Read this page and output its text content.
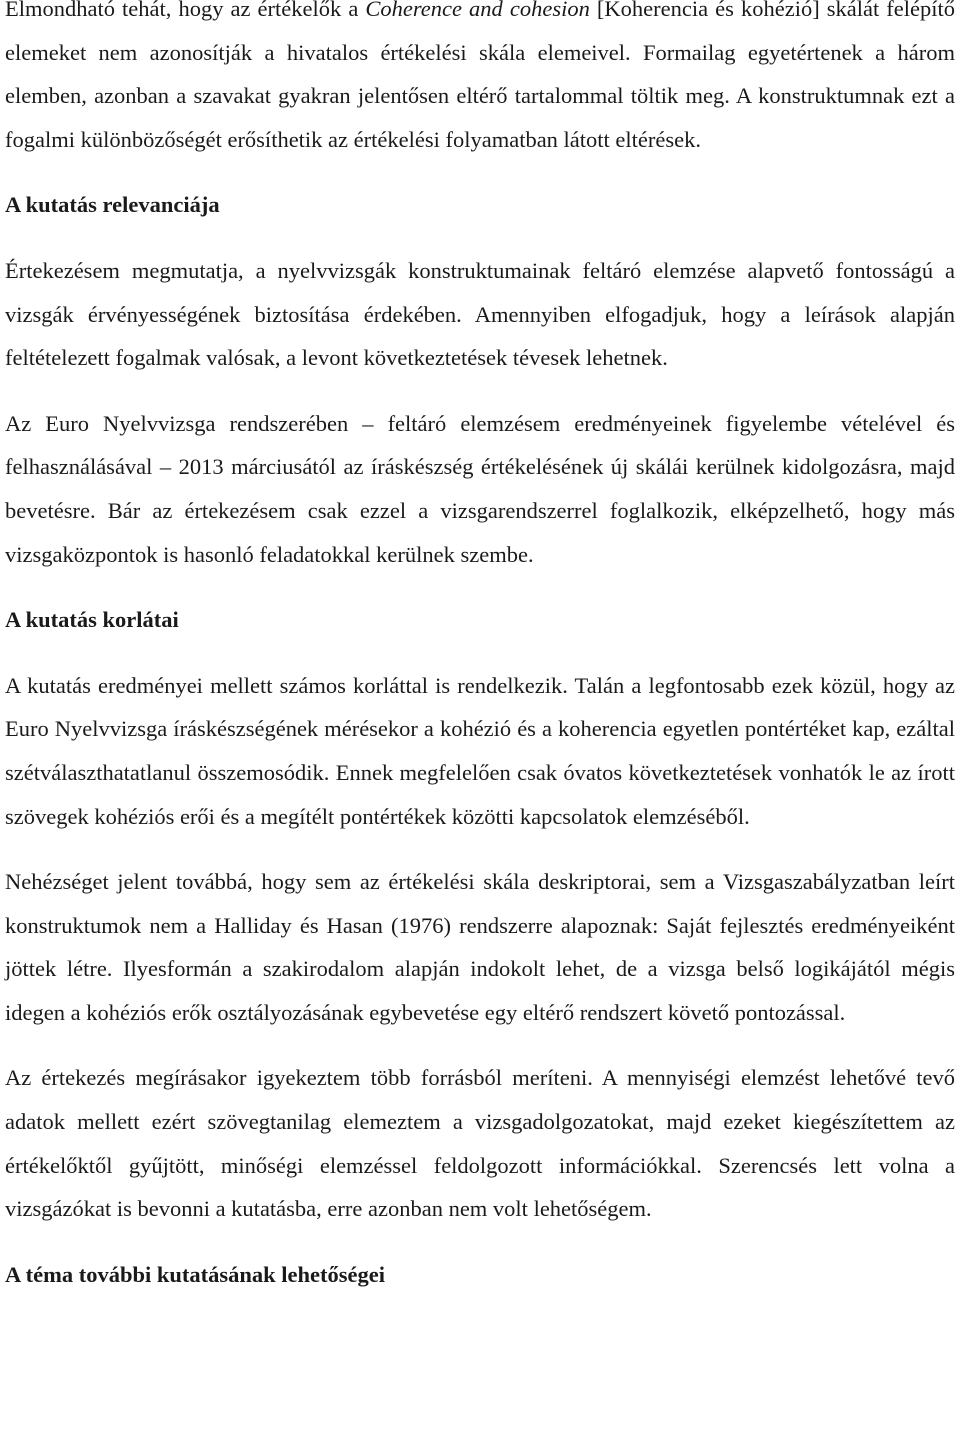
Elmondható tehát, hogy az értékelők a Coherence and cohesion [Koherencia és kohézió] skálát felépítő elemeket nem azonosítják a hivatalos értékelési skála elemeivel. Formailag egyetértenek a három elemben, azonban a szavakat gyakran jelentősen eltérő tartalommal töltik meg. A konstruktumnak ezt a fogalmi különbözőségét erősíthetik az értékelési folyamatban látott eltérések.

A kutatás relevanciája

Értekezésem megmutatja, a nyelvvizsgák konstruktumainak feltáró elemzése alapvető fontosságú a vizsgák érvényességének biztosítása érdekében. Amennyiben elfogadjuk, hogy a leírások alapján feltételezett fogalmak valósak, a levont következtetések tévesek lehetnek.

Az Euro Nyelvvizsga rendszerében – feltáró elemzésem eredményeinek figyelembe vételével és felhasználásával – 2013 márciusától az íráskészség értékelésének új skálái kerülnek kidolgozásra, majd bevetésre. Bár az értekezésem csak ezzel a vizsgarendszerrel foglalkozik, elképzelhető, hogy más vizsgaközpontok is hasonló feladatokkal kerülnek szembe.

A kutatás korlátai

A kutatás eredményei mellett számos korláttal is rendelkezik. Talán a legfontosabb ezek közül, hogy az Euro Nyelvvizsga íráskészségének mérésekor a kohézió és a koherencia egyetlen pontértéket kap, ezáltal szétválaszthatatlanul összemosódik. Ennek megfelelően csak óvatos következtetések vonhatók le az írott szövegek kohéziós erői és a megítélt pontértékek közötti kapcsolatok elemzéséből.

Nehézséget jelent továbbá, hogy sem az értékelési skála deskriptorai, sem a Vizsgaszabályzatban leírt konstruktumok nem a Halliday és Hasan (1976) rendszerre alapoznak: Saját fejlesztés eredményeiként jöttek létre. Ilyesformán a szakirodalom alapján indokolt lehet, de a vizsga belső logikájától mégis idegen a kohéziós erők osztályozásának egybevetése egy eltérő rendszert követő pontozással.

Az értekezés megírásakor igyekeztem több forrásból meríteni. A mennyiségi elemzést lehetővé tevő adatok mellett ezért szövegtanilag elemeztem a vizsgadolgozatokat, majd ezeket kiegészítettem az értékelőktől gyűjtött, minőségi elemzéssel feldolgozott információkkal. Szerencsés lett volna a vizsgázókat is bevonni a kutatásba, erre azonban nem volt lehetőségem.

A téma további kutatásának lehetőségei
